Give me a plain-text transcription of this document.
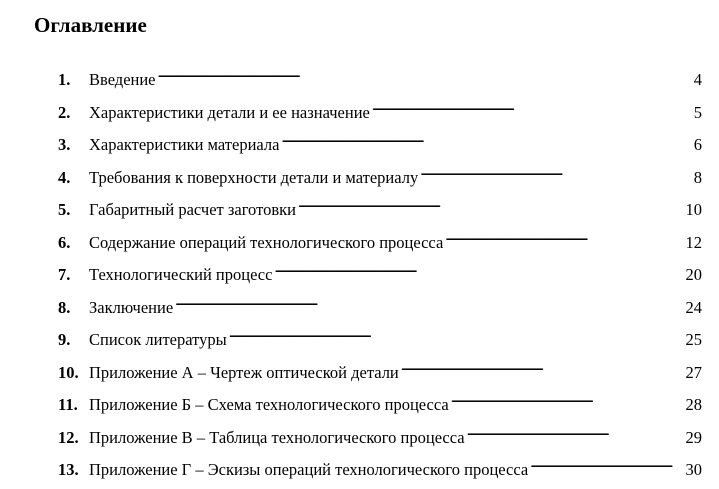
Оглавление
1.	Введение . . .	4
2.	Характеристики детали и ее назначение . . .	5
3.	Характеристики материала . . .	6
4.	Требования к поверхности детали и материалу . . .	8
5.	Габаритный расчет заготовки . . .	10
6.	Содержание операций технологического процесса . . .	12
7.	Технологический процесс . . .	20
8.	Заключение . . .	24
9.	Список литературы . . .	25
10. Приложение А – Чертеж оптической детали . . .	27
11. Приложение Б – Схема технологического процесса . . .	28
12. Приложение В – Таблица технологического процесса . . .	29
13. Приложение Г – Эскизы операций технологического процесса . . .	30
